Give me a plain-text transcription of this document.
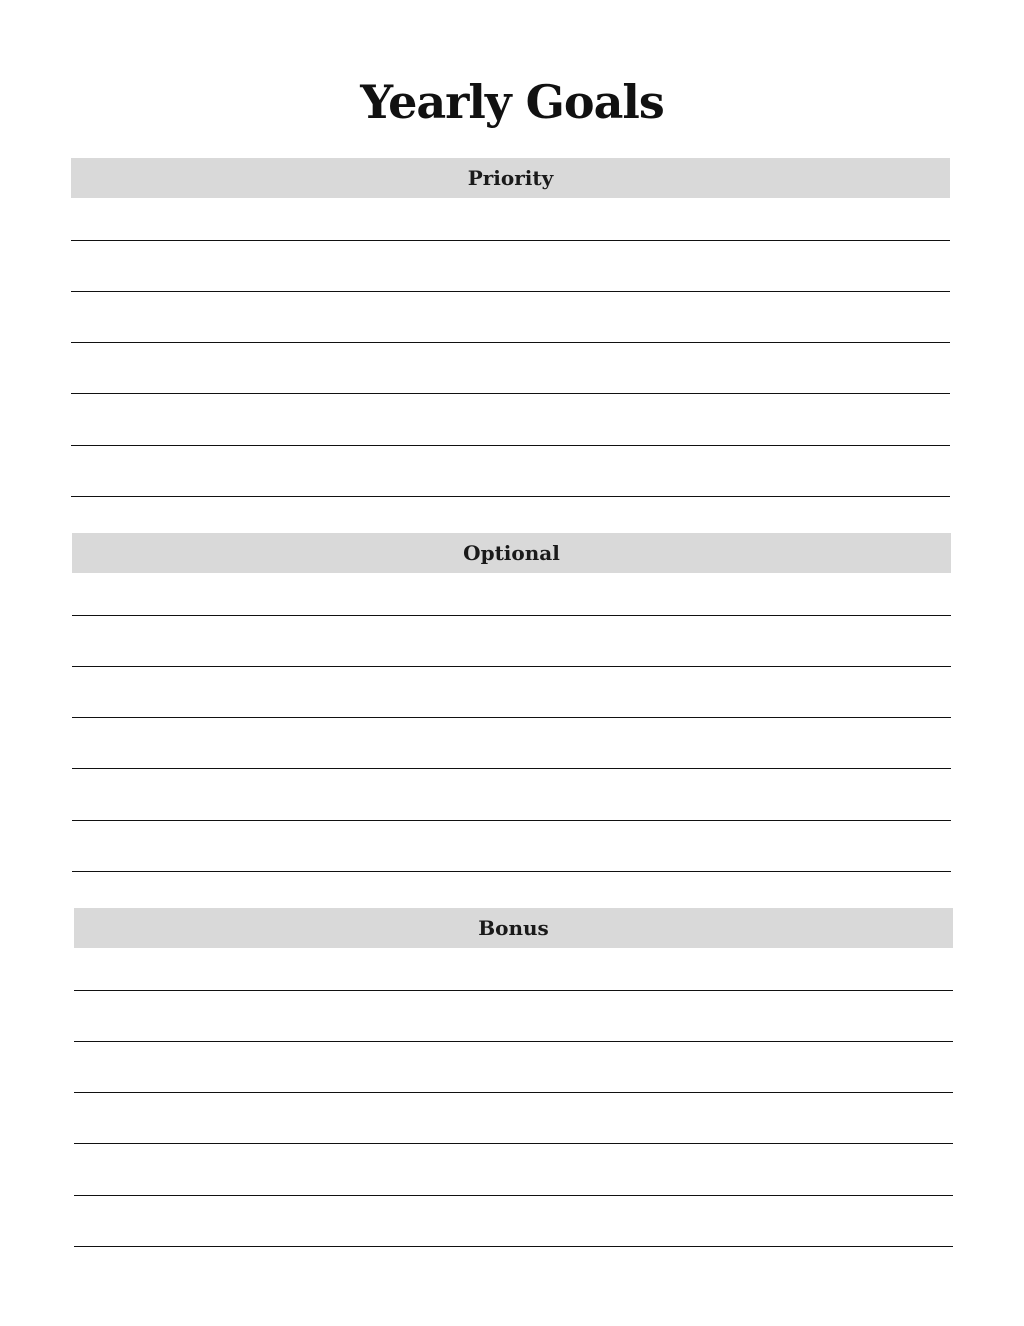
Yearly Goals
Priority
Optional
Bonus
